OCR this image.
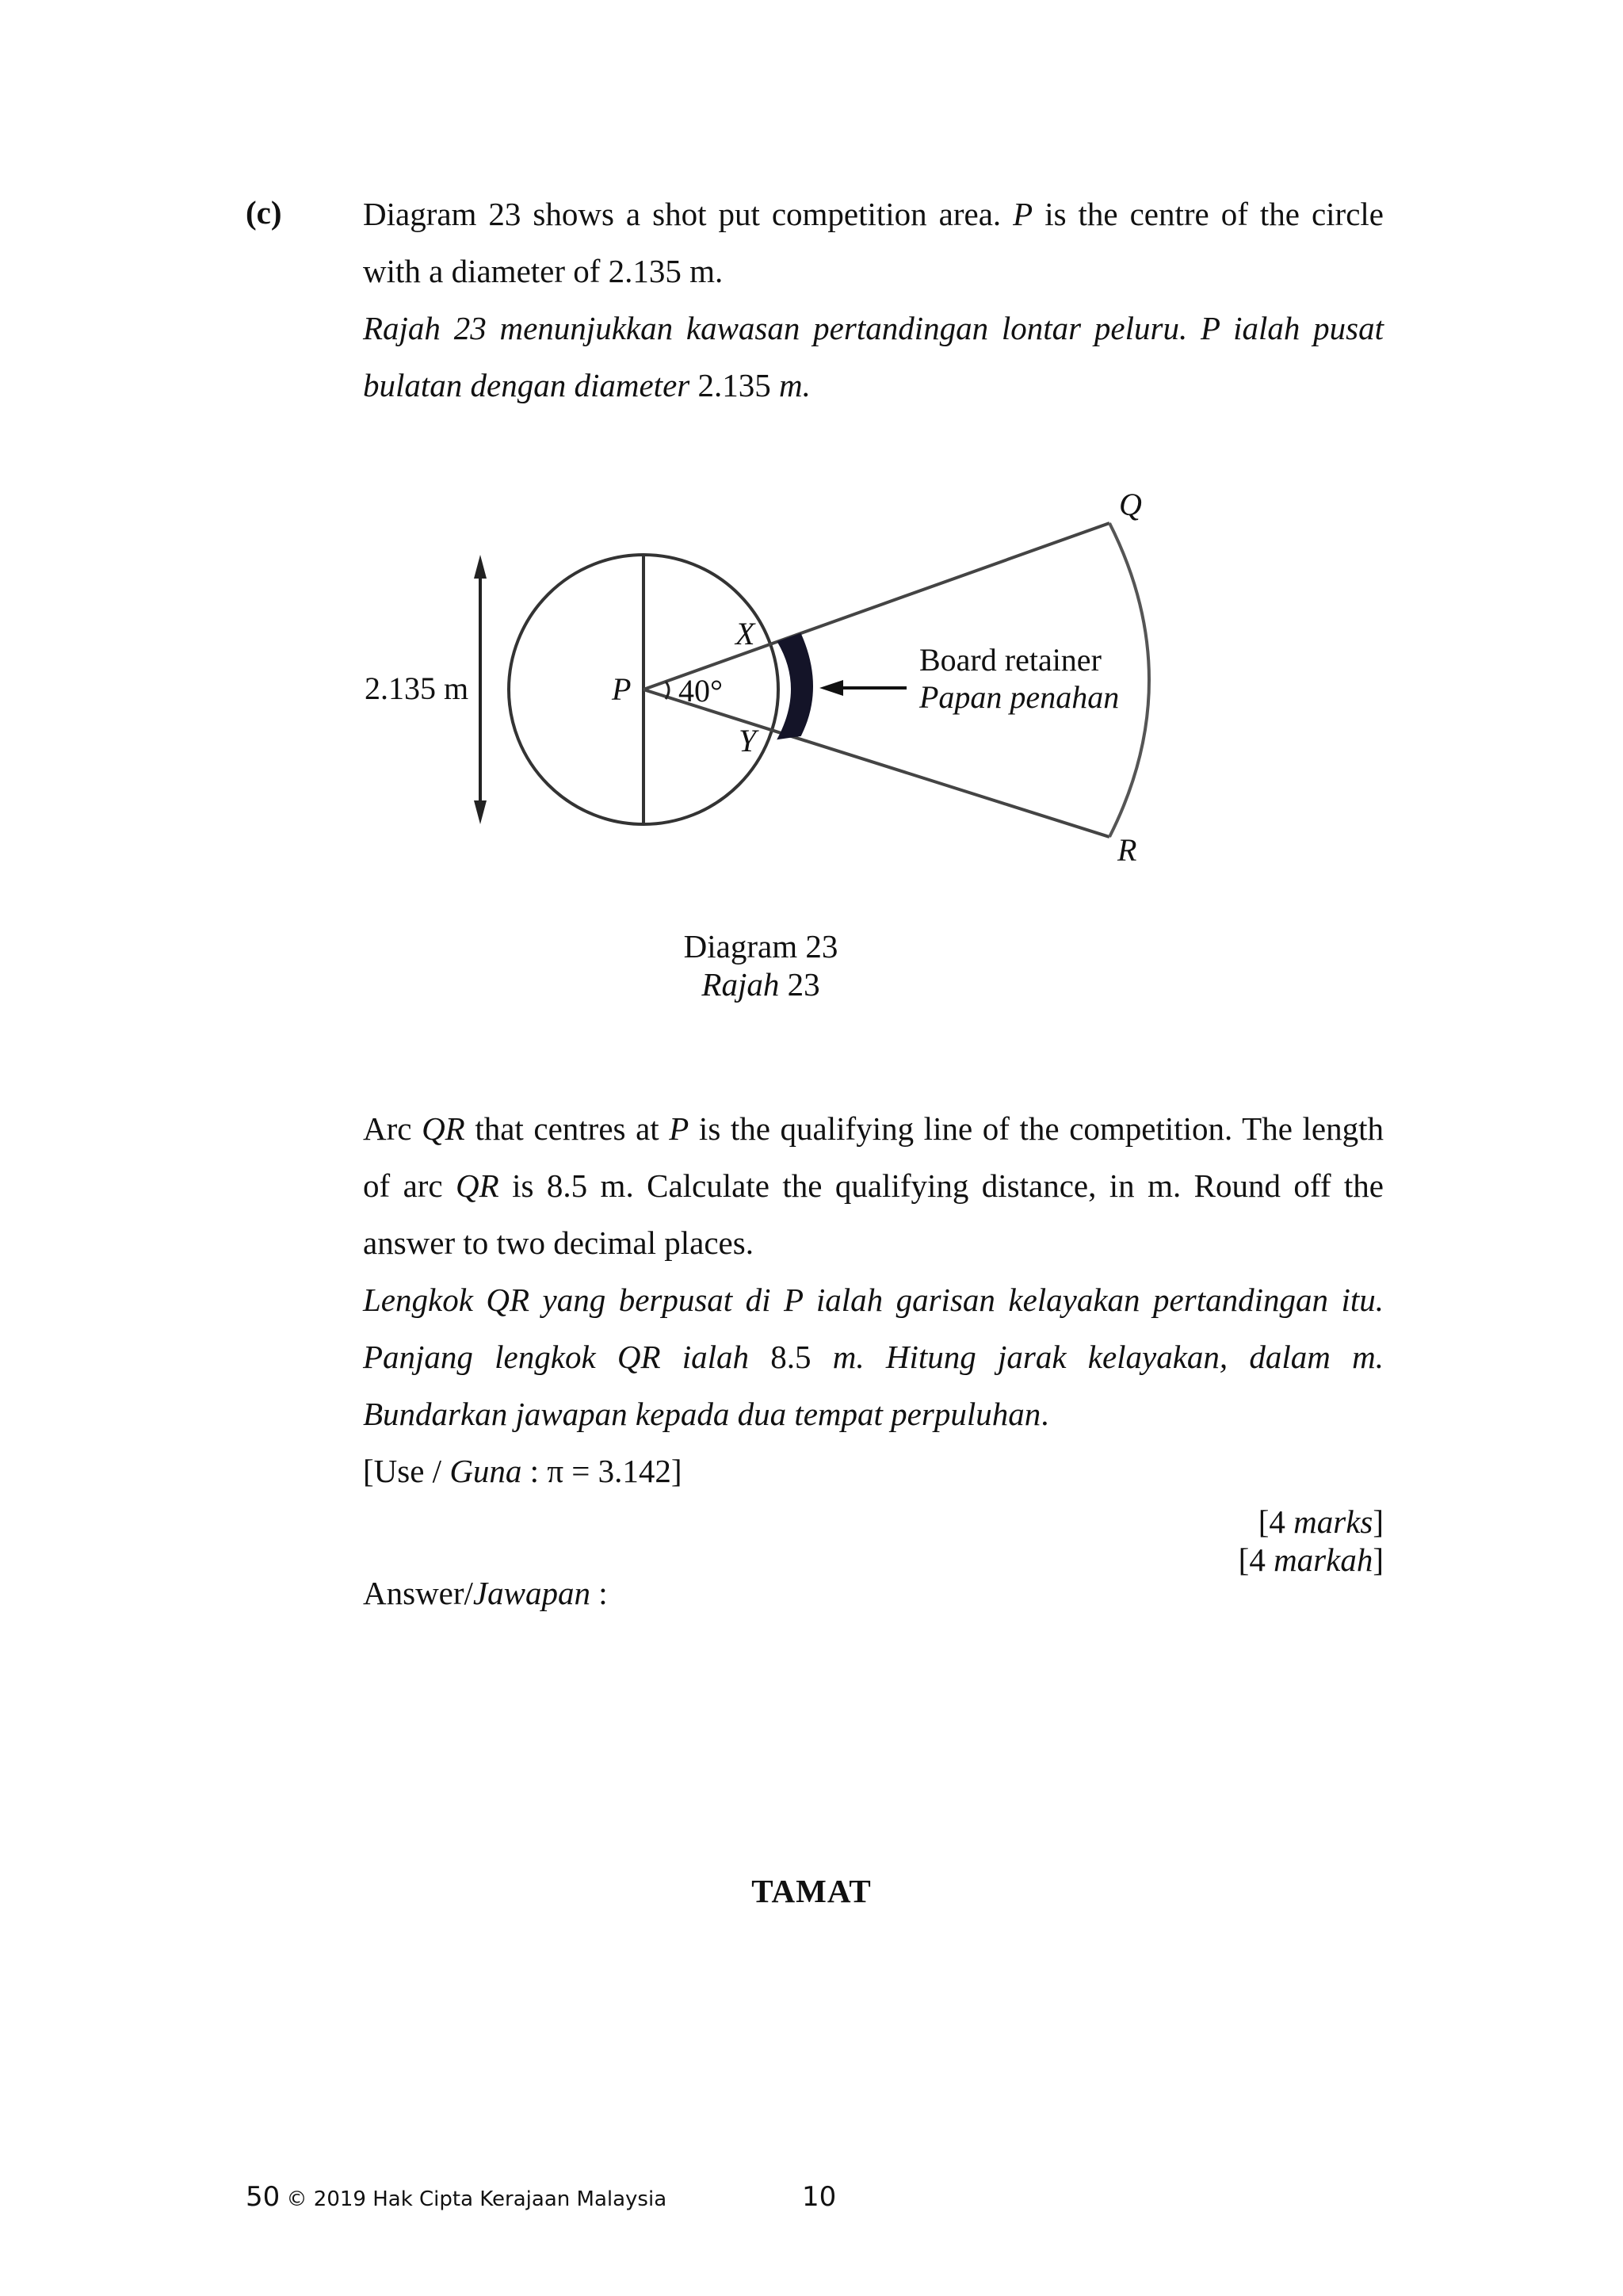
(c) Diagram 23 shows a shot put competition area. P is the centre of the circle with a diameter of 2.135 m.

Rajah 23 menunjukkan kawasan pertandingan lontar peluru. P ialah pusat bulatan dengan diameter 2.135 m.

2.135 m	40°
P
X
Y
Q
R
Board retainer
Papan penahan
Diagram 23
Rajah 23

Arc QR that centres at P is the qualifying line of the competition. The length of arc QR is 8.5 m. Calculate the qualifying distance, in m. Round off the answer to two decimal places.

Lengkok QR yang berpusat di P ialah garisan kelayakan pertandingan itu. Panjang lengkok QR ialah 8.5 m. Hitung jarak kelayakan, dalam m. Bundarkan jawapan kepada dua tempat perpuluhan.

[Use / Guna : π = 3.142]

[4 marks]
[4 markah]
Answer/Jawapan :
TAMAT
50 © 2019 Hak Cipta Kerajaan Malaysia	10
